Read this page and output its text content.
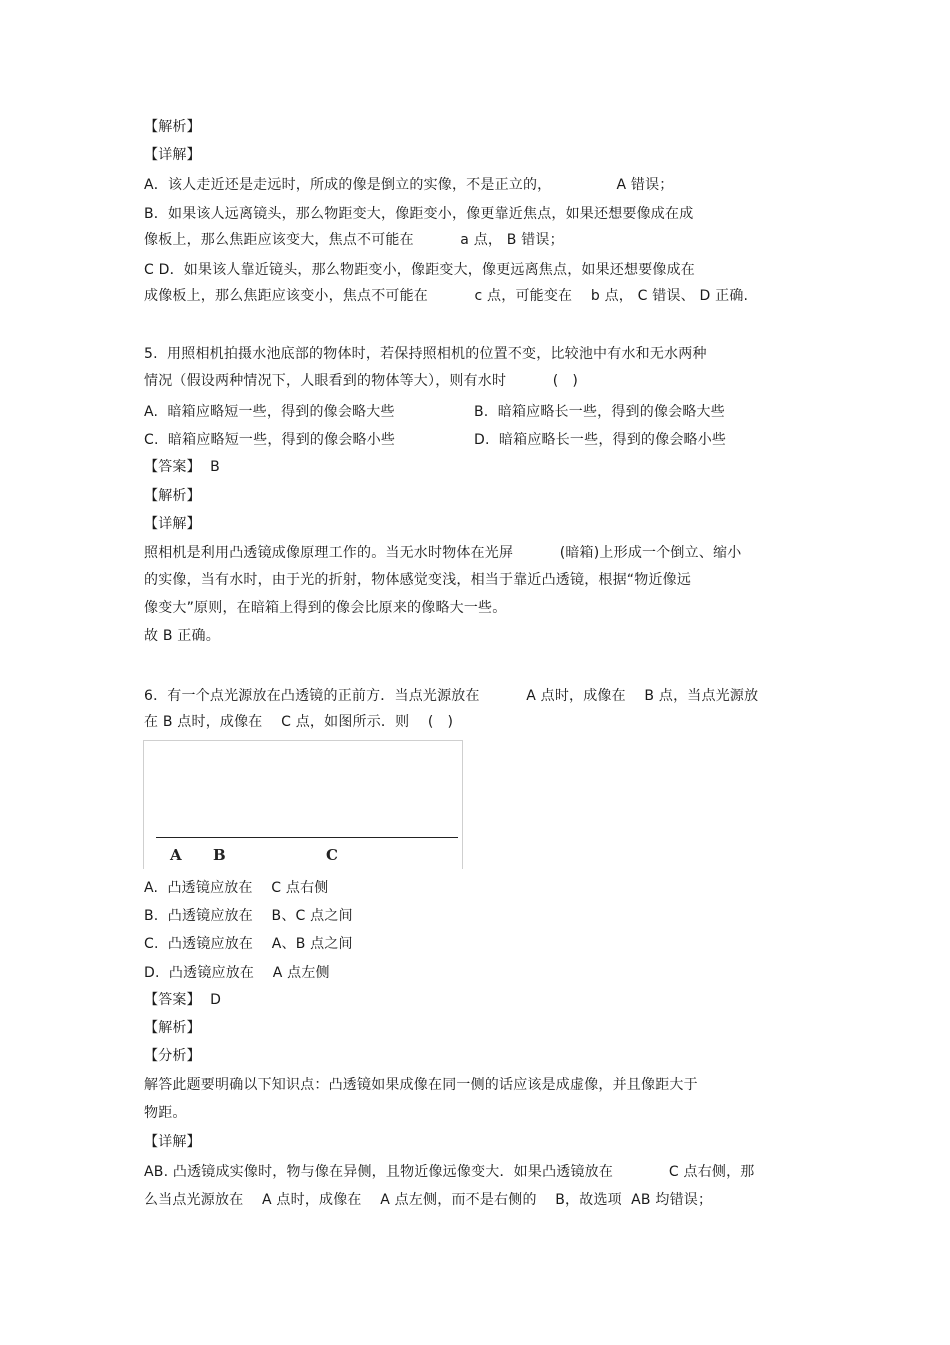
【解析】
【详解】
A．该人走近还是走远时，所成的像是倒立的实像，不是正立的，              A 错误；
B．如果该人远离镜头，那么物距变大，像距变小，像更靠近焦点，如果还想要像成在成
像板上，那么焦距应该变大，焦点不可能在          a 点， B 错误；
C D．如果该人靠近镜头，那么物距变小，像距变大，像更远离焦点，如果还想要像成在
成像板上，那么焦距应该变小，焦点不可能在          c 点，可能变在    b 点， C 错误、 D 正确.
5.  用照相机拍摄水池底部的物体时，若保持照相机的位置不变，比较池中有水和无水两种
情况（假设两种情况下，人眼看到的物体等大），则有水时          (   )
A.  暗箱应略短一些，得到的像会略大些	B.  暗箱应略长一些，得到的像会略大些
C.  暗箱应略短一些，得到的像会略小些	D.  暗箱应略长一些，得到的像会略小些
【答案】  B
【解析】
【详解】
照相机是利用凸透镜成像原理工作的。当无水时物体在光屏          (暗箱)上形成一个倒立、缩小
的实像，当有水时，由于光的折射，物体感觉变浅，相当于靠近凸透镜，根据“物近像远
像变大”原则，在暗箱上得到的像会比原来的像略大一些。
故 B 正确。
6．有一个点光源放在凸透镜的正前方．当点光源放在          A 点时，成像在    B 点，当点光源放
在 B 点时，成像在    C 点，如图所示．则    (   )
A B	C
A.  凸透镜应放在    C 点右侧
B.  凸透镜应放在    B、C 点之间
C.  凸透镜应放在    A、B 点之间
D.  凸透镜应放在    A 点左侧
【答案】  D
【解析】
【分析】
解答此题要明确以下知识点：凸透镜如果成像在同一侧的话应该是成虚像，并且像距大于
物距。
【详解】
AB. 凸透镜成实像时，物与像在异侧，且物近像远像变大．如果凸透镜放在            C 点右侧，那
么当点光源放在    A 点时，成像在    A 点左侧，而不是右侧的    B，故选项  AB 均错误；
